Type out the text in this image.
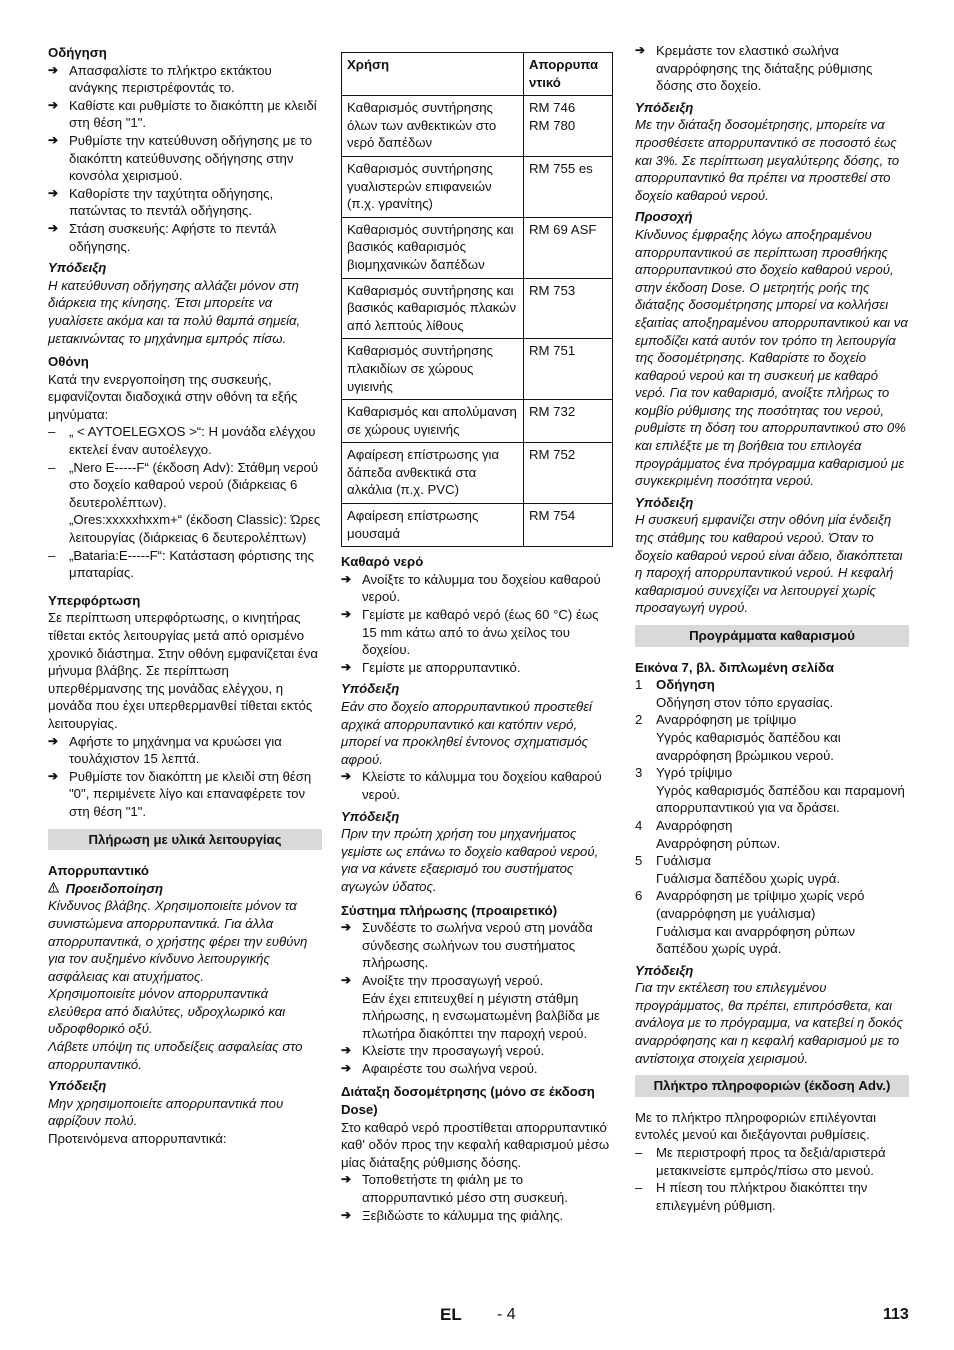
Οδήγηση
➔ Απασφαλίστε το πλήκτρο εκτάκτου ανάγκης περιστρέφοντάς το.
➔ Καθίστε και ρυθμίστε το διακόπτη με κλειδί στη θέση "1".
➔ Ρυθμίστε την κατεύθυνση οδήγησης με το διακόπτη κατεύθυνσης οδήγησης στην κονσόλα χειρισμού.
➔ Καθορίστε την ταχύτητα οδήγησης, πατώντας το πεντάλ οδήγησης.
➔ Στάση συσκευής: Αφήστε το πεντάλ οδήγησης.
Υπόδειξη
Η κατεύθυνση οδήγησης αλλάζει μόνον στη διάρκεια της κίνησης. Έτσι μπορείτε να γυαλίσετε ακόμα και τα πολύ θαμπά σημεία, μετακινώντας το μηχάνημα εμπρός πίσω.
Οθόνη
Κατά την ενεργοποίηση της συσκευής, εμφανίζονται διαδοχικά στην οθόνη τα εξής μηνύματα:
– „ < AYTOELEGXOS >“: Η μονάδα ελέγχου εκτελεί έναν αυτοέλεγχο.
– „Nero E-----F“ (έκδοση Adv): Στάθμη νερού στο δοχείο καθαρού νερού (διάρκειας 6 δευτερολέπτων).
„Ores:xxxxxhxxm+“ (έκδοση Classic): Ώρες λειτουργίας (διάρκειας 6 δευτερολέπτων)
– „Bataria:E-----F“: Κατάσταση φόρτισης της μπαταρίας.
Υπερφόρτωση
Σε περίπτωση υπερφόρτωσης, ο κινητήρας τίθεται εκτός λειτουργίας μετά από ορισμένο χρονικό διάστημα. Στην οθόνη εμφανίζεται ένα μήνυμα βλάβης. Σε περίπτωση υπερθέρμανσης της μονάδας ελέγχου, η μονάδα που έχει υπερθερμανθεί τίθεται εκτός λειτουργίας.
➔ Αφήστε το μηχάνημα να κρυώσει για τουλάχιστον 15 λεπτά.
➔ Ρυθμίστε τον διακόπτη με κλειδί στη θέση "0", περιμένετε λίγο και επαναφέρετε τον στη θέση "1".
Πλήρωση με υλικά λειτουργίας
Απορρυπαντικό
Προειδοποίηση
Κίνδυνος βλάβης. Χρησιμοποιείτε μόνον τα συνιστώμενα απορρυπαντικά. Για άλλα απορρυπαντικά, ο χρήστης φέρει την ευθύνη για τον αυξημένο κίνδυνο λειτουργικής ασφάλειας και ατυχήματος.
Χρησιμοποιείτε μόνον απορρυπαντικά ελεύθερα από διαλύτες, υδροχλωρικό και υδροφθορικό οξύ.
Λάβετε υπόψη τις υποδείξεις ασφαλείας στο απορρυπαντικό.
Υπόδειξη
Μην χρησιμοποιείτε απορρυπαντικά που αφρίζουν πολύ.
Προτεινόμενα απορρυπαντικά:
Χρήση	Απορρυπα ντικό
Καθαρισμός συντήρησης όλων των ανθεκτικών στο νερό δαπέδων	RM 746
RM 780
Καθαρισμός συντήρησης γυαλιστερών επιφανειών (π.χ. γρανίτης)	RM 755 es
Καθαρισμός συντήρησης και βασικός καθαρισμός βιομηχανικών δαπέδων	RM 69 ASF
Καθαρισμός συντήρησης και βασικός καθαρισμός πλακών από λεπτούς λίθους	RM 753
Καθαρισμός συντήρησης πλακιδίων σε χώρους υγιεινής	RM 751
Καθαρισμός και απολύμανση σε χώρους υγιεινής	RM 732
Αφαίρεση επίστρωσης για δάπεδα ανθεκτικά στα αλκάλια (π.χ. PVC)	RM 752
Αφαίρεση επίστρωσης μουσαμά	RM 754
Καθαρό νερό
➔ Ανοίξτε το κάλυμμα του δοχείου καθαρού νερού.
➔ Γεμίστε με καθαρό νερό (έως 60 °C) έως 15 mm κάτω από το άνω χείλος του δοχείου.
➔ Γεμίστε με απορρυπαντικό.
Υπόδειξη
Εάν στο δοχείο απορρυπαντικού προστεθεί αρχικά απορρυπαντικό και κατόπιν νερό, μπορεί να προκληθεί έντονος σχηματισμός αφρού.
➔ Κλείστε το κάλυμμα του δοχείου καθαρού νερού.
Υπόδειξη
Πριν την πρώτη χρήση του μηχανήματος γεμίστε ως επάνω το δοχείο καθαρού νερού, για να κάνετε εξαερισμό του συστήματος αγωγών ύδατος.
Σύστημα πλήρωσης (προαιρετικό)
➔ Συνδέστε το σωλήνα νερού στη μονάδα σύνδεσης σωλήνων του συστήματος πλήρωσης.
➔ Ανοίξτε την προσαγωγή νερού.
Εάν έχει επιτευχθεί η μέγιστη στάθμη πλήρωσης, η ενσωματωμένη βαλβίδα με πλωτήρα διακόπτει την παροχή νερού.
➔ Κλείστε την προσαγωγή νερού.
➔ Αφαιρέστε του σωλήνα νερού.
Διάταξη δοσομέτρησης (μόνο σε έκδοση Dose)
Στο καθαρό νερό προστίθεται απορρυπαντικό καθ' οδόν προς την κεφαλή καθαρισμού μέσω μίας διάταξης ρύθμισης δόσης.
➔ Τοποθετήστε τη φιάλη με το απορρυπαντικό μέσο στη συσκευή.
➔ Ξεβιδώστε το κάλυμμα της φιάλης.
➔ Κρεμάστε τον ελαστικό σωλήνα αναρρόφησης της διάταξης ρύθμισης δόσης στο δοχείο.
Υπόδειξη
Με την διάταξη δοσομέτρησης, μπορείτε να προσθέσετε απορρυπαντικό σε ποσοστό έως και 3%. Σε περίπτωση μεγαλύτερης δόσης, το απορρυπαντικό θα πρέπει να προστεθεί στο δοχείο καθαρού νερού.
Προσοχή
Κίνδυνος έμφραξης λόγω αποξηραμένου απορρυπαντικού σε περίπτωση προσθήκης απορρυπαντικού στο δοχείο καθαρού νερού, στην έκδοση Dose. Ο μετρητής ροής της διάταξης δοσομέτρησης μπορεί να κολλήσει εξαιτίας αποξηραμένου απορρυπαντικού και να εμποδίζει κατά αυτόν τον τρόπο τη λειτουργία της δοσομέτρησης. Καθαρίστε το δοχείο καθαρού νερού και τη συσκευή με καθαρό νερό. Για τον καθαρισμό, ανοίξτε πλήρως το κομβίο ρύθμισης της ποσότητας του νερού, ρυθμίστε τη δόση του απορρυπαντικού στο 0% και επιλέξτε με τη βοήθεια του επιλογέα προγράμματος ένα πρόγραμμα καθαρισμού με συγκεκριμένη ποσότητα νερού.
Υπόδειξη
Η συσκευή εμφανίζει στην οθόνη μία ένδειξη της στάθμης του καθαρού νερού. Όταν το δοχείο καθαρού νερού είναι άδειο, διακόπτεται η παροχή απορρυπαντικού νερού. Η κεφαλή καθαρισμού συνεχίζει να λειτουργεί χωρίς προσαγωγή υγρού.
Προγράμματα καθαρισμού
Εικόνα 7, βλ. διπλωμένη σελίδα
1 Οδήγηση
Οδήγηση στον τόπο εργασίας.
2 Αναρρόφηση με τρίψιμο
Υγρός καθαρισμός δαπέδου και αναρρόφηση βρώμικου νερού.
3 Υγρό τρίψιμο
Υγρός καθαρισμός δαπέδου και παραμονή απορρυπαντικού για να δράσει.
4 Αναρρόφηση
Αναρρόφηση ρύπων.
5 Γυάλισμα
Γυάλισμα δαπέδου χωρίς υγρά.
6 Αναρρόφηση με τρίψιμο χωρίς νερό (αναρρόφηση με γυάλισμα)
Γυάλισμα και αναρρόφηση ρύπων δαπέδου χωρίς υγρά.
Υπόδειξη
Για την εκτέλεση του επιλεγμένου προγράμματος, θα πρέπει, επιπρόσθετα, και ανάλογα με το πρόγραμμα, να κατεβεί η δοκός αναρρόφησης και η κεφαλή καθαρισμού με το αντίστοιχα στοιχεία χειρισμού.
Πλήκτρο πληροφοριών (έκδοση Adv.)
Με το πλήκτρο πληροφοριών επιλέγονται εντολές μενού και διεξάγονται ρυθμίσεις.
– Με περιστροφή προς τα δεξιά/αριστερά μετακινείστε εμπρός/πίσω στο μενού.
– Η πίεση του πλήκτρου διακόπτει την επιλεγμένη ρύθμιση.
EL - 4	113
